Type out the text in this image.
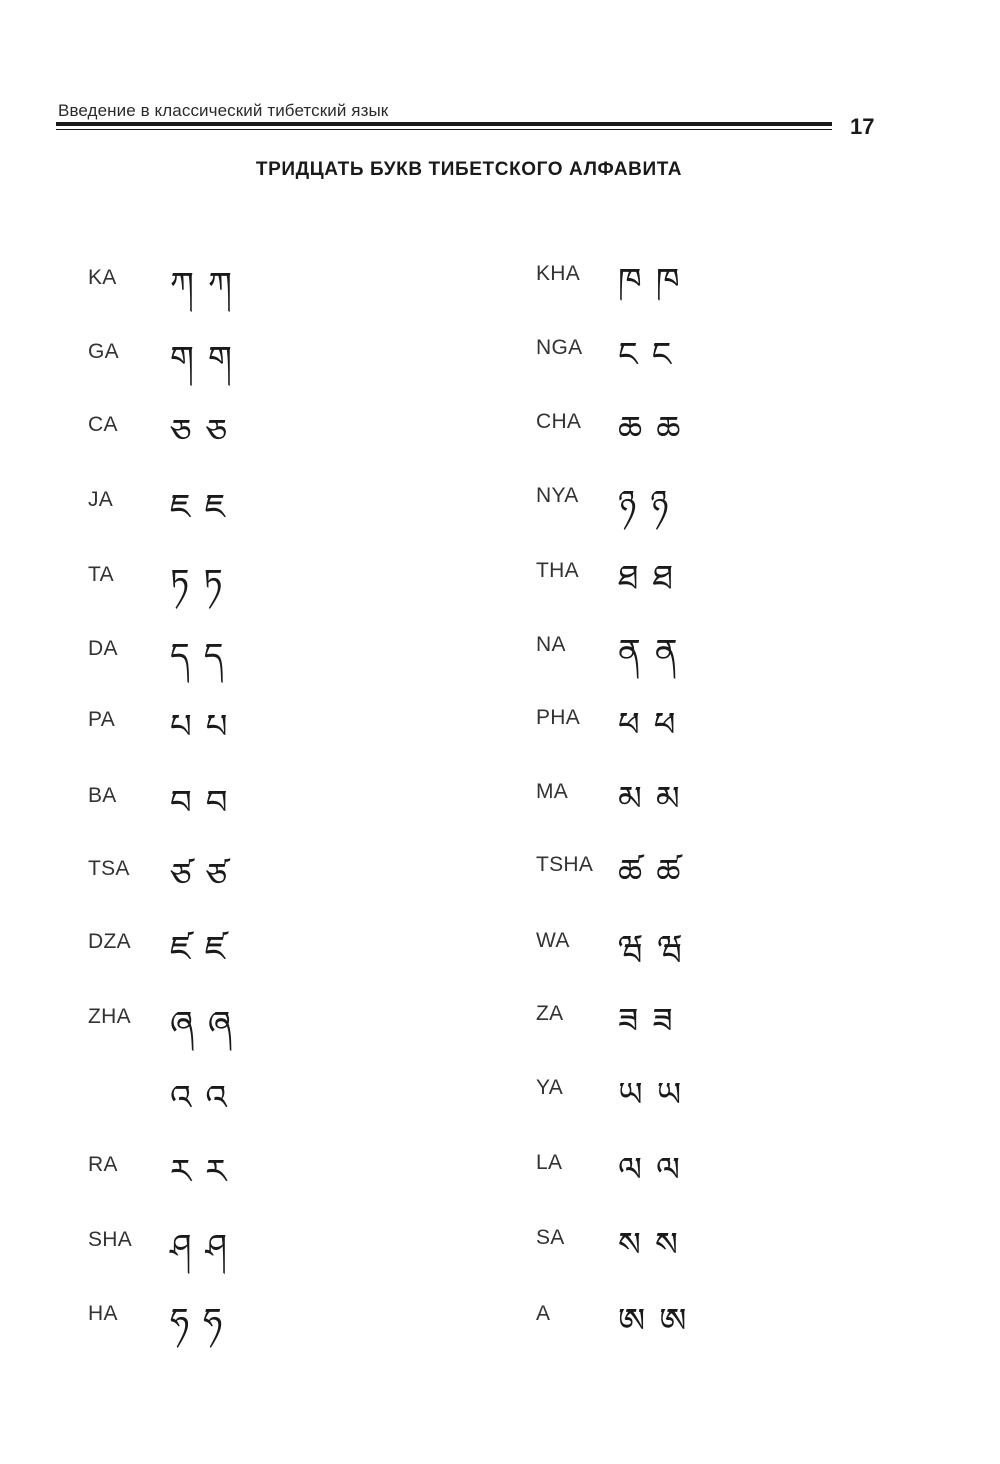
Введение в классический тибетский язык
17
ТРИДЦАТЬ БУКВ ТИБЕТСКОГО АЛФАВИТА
KA ཀ ཀ
GA ག ག
CA ཅ ཅ
JA ཇ ཇ
TA ཏ ཏ
DA ད ད
PA པ པ
BA བ བ
TSA ཙ ཙ
DZA ཛ ཛ
ZHA ཞ ཞ
འ འ
RA ར ར
SHA ཤ ཤ
HA ཧ ཧ
KHA ཁ ཁ
NGA ང ང
CHA ཆ ཆ
NYA ཉ ཉ
THA ཐ ཐ
NA ན ན
PHA ཕ ཕ
MA མ མ
TSHA ཚ ཚ
WA ཝ ཝ
ZA ཟ ཟ
YA ཡ ཡ
LA ལ ལ
SA ས ས
A ཨ ཨ
